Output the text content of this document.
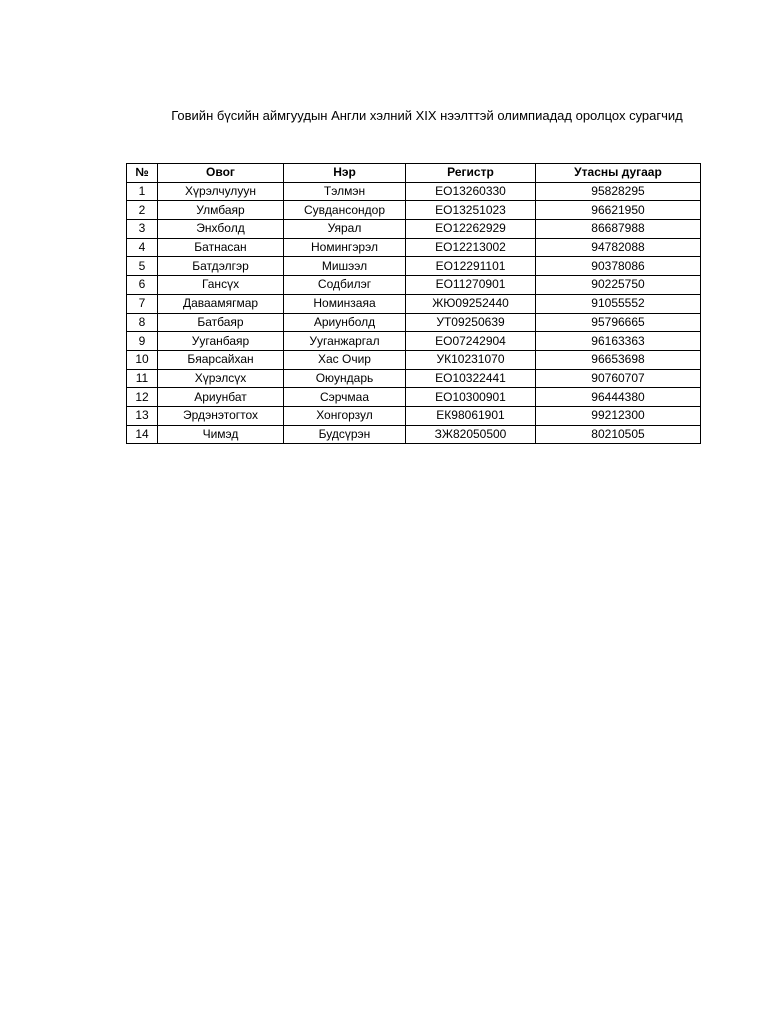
Говийн бүсийн аймгуудын Англи хэлний XIX нээлттэй олимпиадад оролцох сурагчид
№	Овог	Нэр	Регистр	Утасны дугаар
1	Хүрэлчулуун	Тэлмэн	ЕО13260330	95828295
2	Улмбаяр	Сувдансондор	ЕО13251023	96621950
3	Энхболд	Уярал	ЕО12262929	86687988
4	Батнасан	Номингэрэл	ЕО12213002	94782088
5	Батдэлгэр	Мишээл	ЕО12291101	90378086
6	Гансүх	Содбилэг	ЕО11270901	90225750
7	Даваамягмар	Номинзаяа	ЖЮ09252440	91055552
8	Батбаяр	Ариунболд	УТ09250639	95796665
9	Ууганбаяр	Ууганжаргал	ЕО07242904	96163363
10	Бяарсайхан	Хас Очир	УК10231070	96653698
11	Хүрэлсүх	Оюундарь	ЕО10322441	90760707
12	Ариунбат	Сэрчмаа	ЕО10300901	96444380
13	Эрдэнэтогтох	Хонгорзул	ЕК98061901	99212300
14	Чимэд	Будсүрэн	ЗЖ82050500	80210505
